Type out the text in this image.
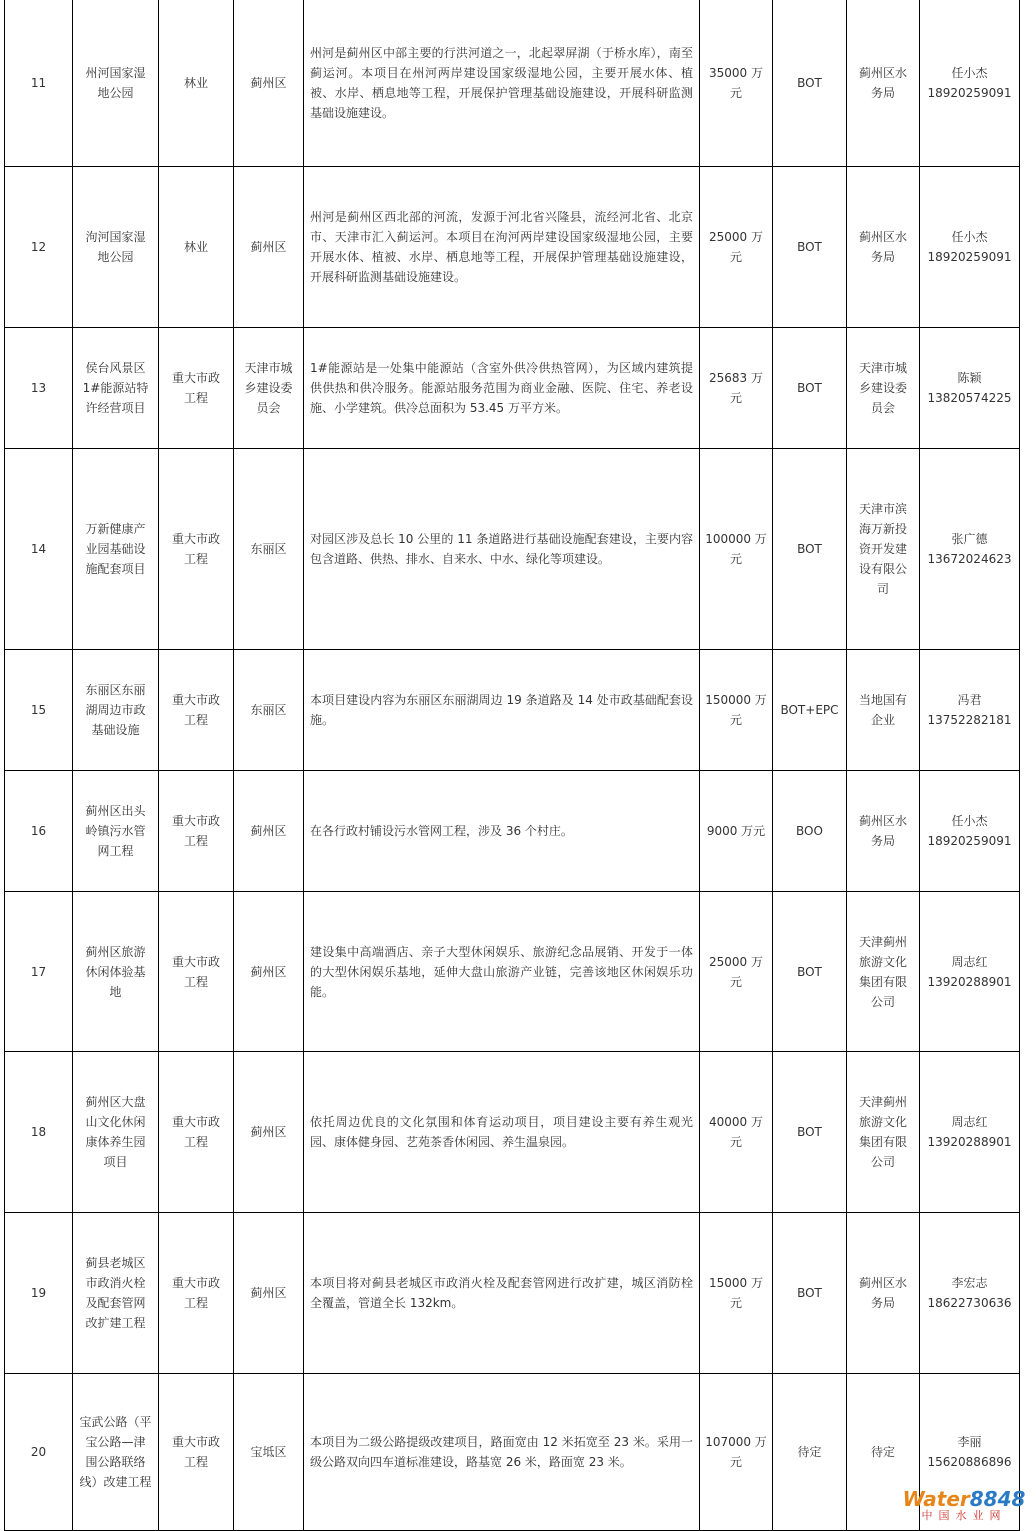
11	州河国家湿
地公园	林业	蓟州区	州河是蓟州区中部主要的行洪河道之一，北起翠屏湖（于桥水库），南至蓟运河。本项目在州河两岸建设国家级湿地公园，主要开展水体、植被、水岸、栖息地等工程，开展保护管理基础设施建设，开展科研监测基础设施建设。	35000 万
元	BOT	蓟州区水
务局	任小杰
18920259091

12	泃河国家湿
地公园	林业	蓟州区	州河是蓟州区西北部的河流，发源于河北省兴隆县，流经河北省、北京市、天津市汇入蓟运河。本项目在泃河两岸建设国家级湿地公园，主要开展水体、植被、水岸、栖息地等工程，开展保护管理基础设施建设，开展科研监测基础设施建设。	25000 万
元	BOT	蓟州区水
务局	任小杰
18920259091

13	侯台风景区
1#能源站特
许经营项目	重大市政
工程	天津市城
乡建设委
员会	1#能源站是一处集中能源站（含室外供冷供热管网），为区域内建筑提供供热和供冷服务。能源站服务范围为商业金融、医院、住宅、养老设施、小学建筑。供冷总面积为 53.45 万平方米。	25683 万
元	BOT	天津市城
乡建设委
员会	陈颖
13820574225

14	万新健康产
业园基础设
施配套项目	重大市政
工程	东丽区	对园区涉及总长 10 公里的 11 条道路进行基础设施配套建设，主要内容包含道路、供热、排水、自来水、中水、绿化等项建设。	100000 万
元	BOT	天津市滨
海万新投
资开发建
设有限公
司	张广德
13672024623

15	东丽区东丽
湖周边市政
基础设施	重大市政
工程	东丽区	本项目建设内容为东丽区东丽湖周边 19 条道路及 14 处市政基础配套设施。	150000 万
元	BOT+EPC	当地国有
企业	冯君
13752282181

16	蓟州区出头
岭镇污水管
网工程	重大市政
工程	蓟州区	在各行政村铺设污水管网工程，涉及 36 个村庄。	9000 万元	BOO	蓟州区水
务局	任小杰
18920259091

17	蓟州区旅游
休闲体验基
地	重大市政
工程	蓟州区	建设集中高端酒店、亲子大型休闲娱乐、旅游纪念品展销、开发于一体的大型休闲娱乐基地，延伸大盘山旅游产业链，完善该地区休闲娱乐功能。	25000 万
元	BOT	天津蓟州
旅游文化
集团有限
公司	周志红
13920288901

18	蓟州区大盘
山文化休闲
康体养生园
项目	重大市政
工程	蓟州区	依托周边优良的文化氛围和体育运动项目，项目建设主要有养生观光园、康体健身园、艺苑茶香休闲园、养生温泉园。	40000 万
元	BOT	天津蓟州
旅游文化
集团有限
公司	周志红
13920288901

19	蓟县老城区
市政消火栓
及配套管网
改扩建工程	重大市政
工程	蓟州区	本项目将对蓟县老城区市政消火栓及配套管网进行改扩建，城区消防栓全覆盖，管道全长 132km。	15000 万
元	BOT	蓟州区水
务局	李宏志
18622730636

20	宝武公路（平
宝公路—津
围公路联络
线）改建工程	重大市政
工程	宝坻区	本项目为二级公路提级改建项目，路面宽由 12 米拓宽至 23 米。采用一级公路双向四车道标准建设，路基宽 26 米，路面宽 23 米。	107000 万
元	待定	待定	李丽
15620886896
Water8848
中国水业网
